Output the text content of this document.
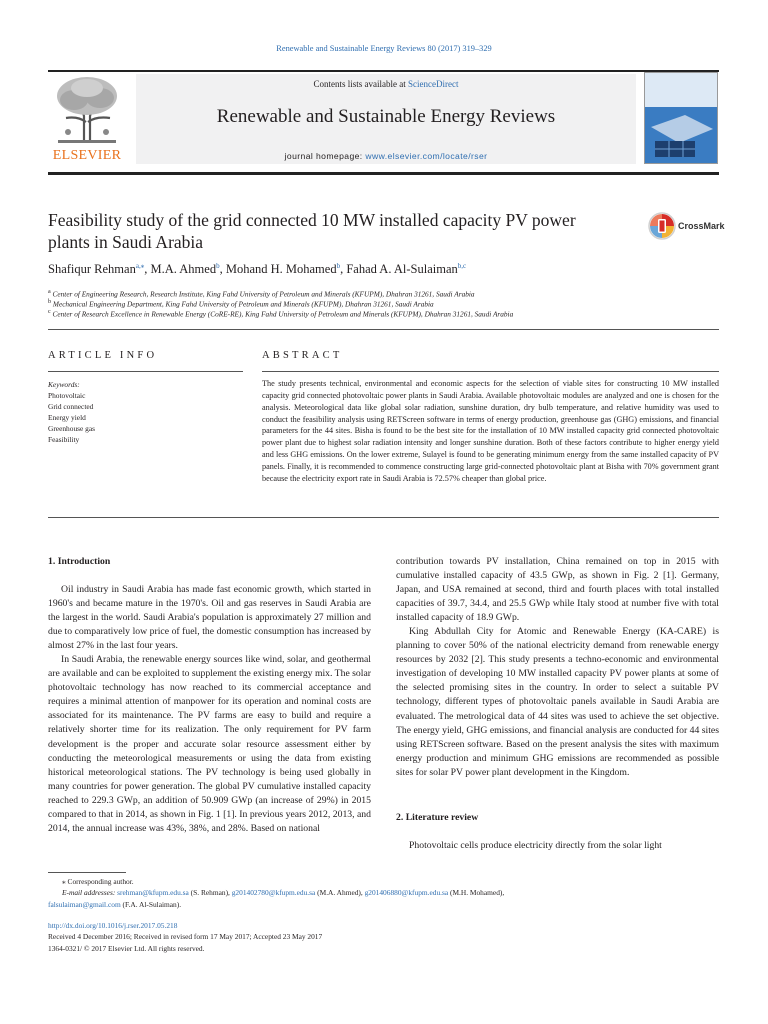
Renewable and Sustainable Energy Reviews 80 (2017) 319–329
ELSEVIER
Contents lists available at ScienceDirect
Renewable and Sustainable Energy Reviews
journal homepage: www.elsevier.com/locate/rser
Feasibility study of the grid connected 10 MW installed capacity PV power plants in Saudi Arabia
CrossMark
Shafiqur Rehman$^{a,⁎}$, M.A. Ahmed$^b$, Mohand H. Mohamed$^b$, Fahad A. Al-Sulaiman$^{b,c}$
$^a$ Center of Engineering Research, Research Institute, King Fahd University of Petroleum and Minerals (KFUPM), Dhahran 31261, Saudi Arabia
$^b$ Mechanical Engineering Department, King Fahd University of Petroleum and Minerals (KFUPM), Dhahran 31261, Saudi Arabia
$^c$ Center of Research Excellence in Renewable Energy (CoRE-RE), King Fahd University of Petroleum and Minerals (KFUPM), Dhahran 31261, Saudi Arabia
ARTICLE INFO	ABSTRACT
Keywords:
Photovoltaic
Grid connected
Energy yield
Greenhouse gas
Feasibility
The study presents technical, environmental and economic aspects for the selection of viable sites for constructing 10 MW installed capacity grid connected photovoltaic power plants in Saudi Arabia. Available photovoltaic modules are analyzed and one is chosen for the analysis. Meteorological data like global solar radiation, sunshine duration, dry bulb temperature, and relative humidity was used to conduct the feasibility analysis using RETScreen software in terms of energy production, greenhouse gas (GHG) emissions, and financial parameters for the 44 sites. Bisha is found to be the best site for the installation of 10 MW installed capacity grid connected photovoltaic power plant due to highest solar radiation intensity and longer sunshine duration. Both of these factors contribute to higher energy yield and less GHG emissions. On the lower extreme, Sulayel is found to be generating minimum energy from the same installed capacity of PV panels. Finally, it is recommended to commence constructing large grid-connected photovoltaic plant at Bisha with 70% government grant because the electricity export rate in Saudi Arabia is 72.57% cheaper than global price.
1. Introduction

Oil industry in Saudi Arabia has made fast economic growth, which started in 1960's and became mature in the 1970's. Oil and gas reserves in Saudi Arabia are the largest in the world. Saudi Arabia's population is approximately 27 million and due to comparatively low price of fuel, the domestic consumption has increased by almost 27% in the last four years.

In Saudi Arabia, the renewable energy sources like wind, solar, and geothermal are available and can be exploited to supplement the existing energy mix. The solar photovoltaic technology has now reached to its commercial acceptance and requires a minimal attention of manpower for its operation and nominal costs are associated for its maintenance. The PV farms are easy to build and require a relatively shorter time for its realization. The only requirement for PV farm development is the proper and accurate solar resource assessment either by conducting the meteorological measurements or using the data from existing historical meteorological stations. The PV technology is being used globally in many countries for power generation. The global PV cumulative installed capacity reached to 229.3 GWp, an addition of 50.909 GWp (an increase of 29%) in 2015 compared to that in 2014, as shown in Fig. 1 [1]. In previous years 2012, 2013, and 2014, the annual increase was 43%, 38%, and 28%. Based on national

contribution towards PV installation, China remained on top in 2015 with cumulative installed capacity of 43.5 GWp, as shown in Fig. 2 [1]. Germany, Japan, and USA remained at second, third and fourth places with total installed capacities of 39.7, 34.4, and 25.5 GWp while Italy stood at number five with total installed capacity of 18.9 GWp.

King Abdullah City for Atomic and Renewable Energy (KA-CARE) is planning to cover 50% of the national electricity demand from renewable energy resources by 2032 [2]. This study presents a techno-economic and environmental investigation of developing 10 MW installed capacity PV power plants at some of the selected promising sites in the country. In order to select a suitable PV technology, different types of photovoltaic panels available in Saudi Arabia are evaluated. The metrological data of 44 sites was used to achieve the set objective. The energy yield, GHG emissions, and financial analysis are conducted for 44 sites using RETScreen software. Based on the present analysis the sites with maximum energy production and minimum GHG emissions are recommended as possible sites for solar PV power plant development in the Kingdom.

2. Literature review

Photovoltaic cells produce electricity directly from the solar light

⁎ Corresponding author.
E-mail addresses: srehman@kfupm.edu.sa (S. Rehman), g201402780@kfupm.edu.sa (M.A. Ahmed), g201406880@kfupm.edu.sa (M.H. Mohamed),
falsulaiman@gmail.com (F.A. Al-Sulaiman).
http://dx.doi.org/10.1016/j.rser.2017.05.218
Received 4 December 2016; Received in revised form 17 May 2017; Accepted 23 May 2017
1364-0321/ © 2017 Elsevier Ltd. All rights reserved.
